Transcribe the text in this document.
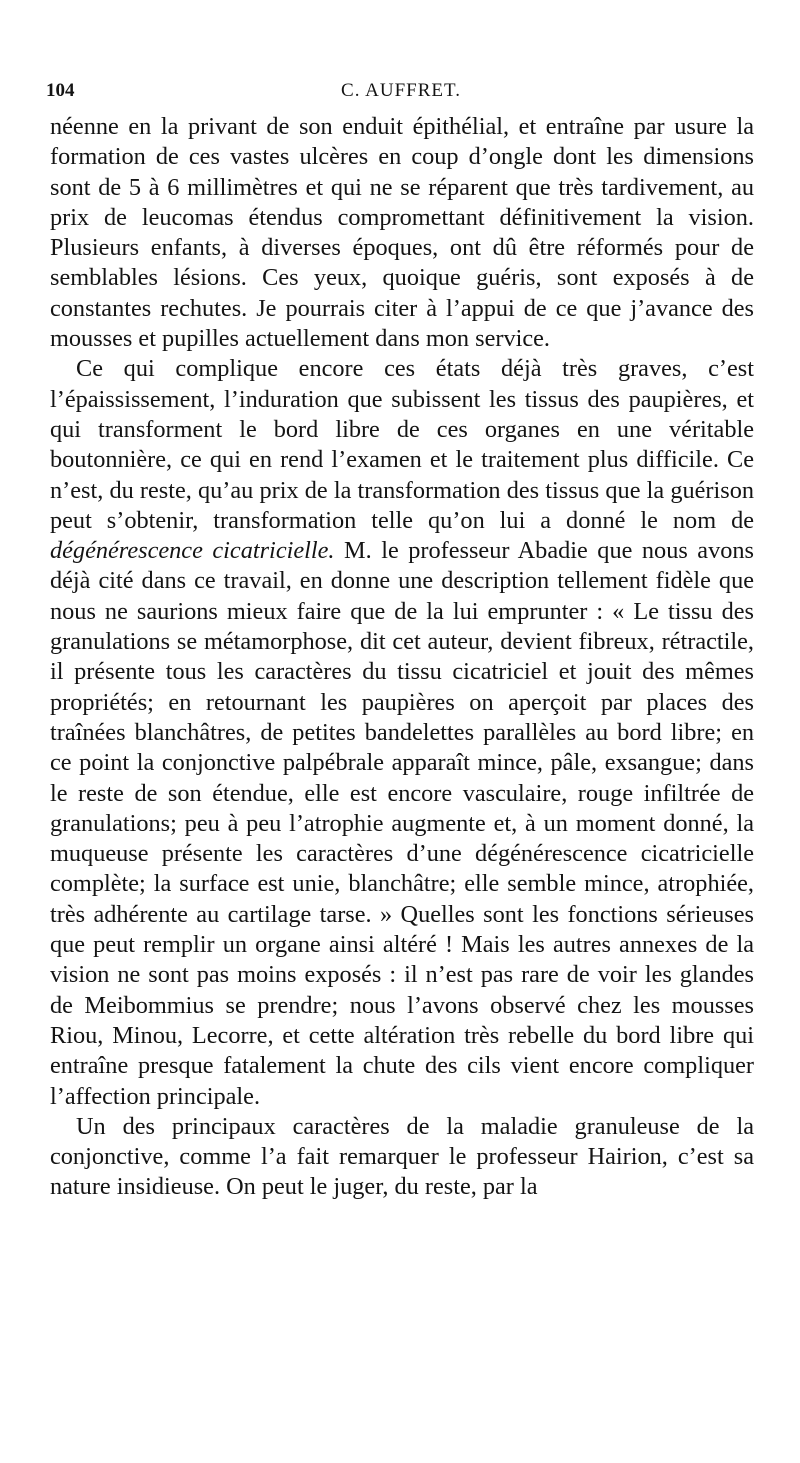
104	C. AUFFRET.

néenne en la privant de son enduit épithélial, et entraîne par usure la formation de ces vastes ulcères en coup d’ongle dont les dimensions sont de 5 à 6 millimètres et qui ne se réparent que très tardivement, au prix de leucomas étendus compromettant définitivement la vision. Plusieurs enfants, à diverses époques, ont dû être réformés pour de semblables lésions. Ces yeux, quoique guéris, sont exposés à de constantes rechutes. Je pourrais citer à l’appui de ce que j’avance des mousses et pupilles actuellement dans mon service.

Ce qui complique encore ces états déjà très graves, c’est l’épaississement, l’induration que subissent les tissus des paupières, et qui transforment le bord libre de ces organes en une véritable boutonnière, ce qui en rend l’examen et le traitement plus difficile. Ce n’est, du reste, qu’au prix de la transformation des tissus que la guérison peut s’obtenir, transformation telle qu’on lui a donné le nom de dégénérescence cicatricielle. M. le professeur Abadie que nous avons déjà cité dans ce travail, en donne une description tellement fidèle que nous ne saurions mieux faire que de la lui emprunter : « Le tissu des granulations se métamorphose, dit cet auteur, devient fibreux, rétractile, il présente tous les caractères du tissu cicatriciel et jouit des mêmes propriétés; en retournant les paupières on aperçoit par places des traînées blanchâtres, de petites bandelettes parallèles au bord libre; en ce point la conjonctive palpébrale apparaît mince, pâle, exsangue; dans le reste de son étendue, elle est encore vasculaire, rouge infiltrée de granulations; peu à peu l’atrophie augmente et, à un moment donné, la muqueuse présente les caractères d’une dégénérescence cicatricielle complète; la surface est unie, blanchâtre; elle semble mince, atrophiée, très adhérente au cartilage tarse. » Quelles sont les fonctions sérieuses que peut remplir un organe ainsi altéré ! Mais les autres annexes de la vision ne sont pas moins exposés : il n’est pas rare de voir les glandes de Meibommius se prendre; nous l’avons observé chez les mousses Riou, Minou, Lecorre, et cette altération très rebelle du bord libre qui entraîne presque fatalement la chute des cils vient encore compliquer l’affection principale.

Un des principaux caractères de la maladie granuleuse de la conjonctive, comme l’a fait remarquer le professeur Hairion, c’est sa nature insidieuse. On peut le juger, du reste, par la
